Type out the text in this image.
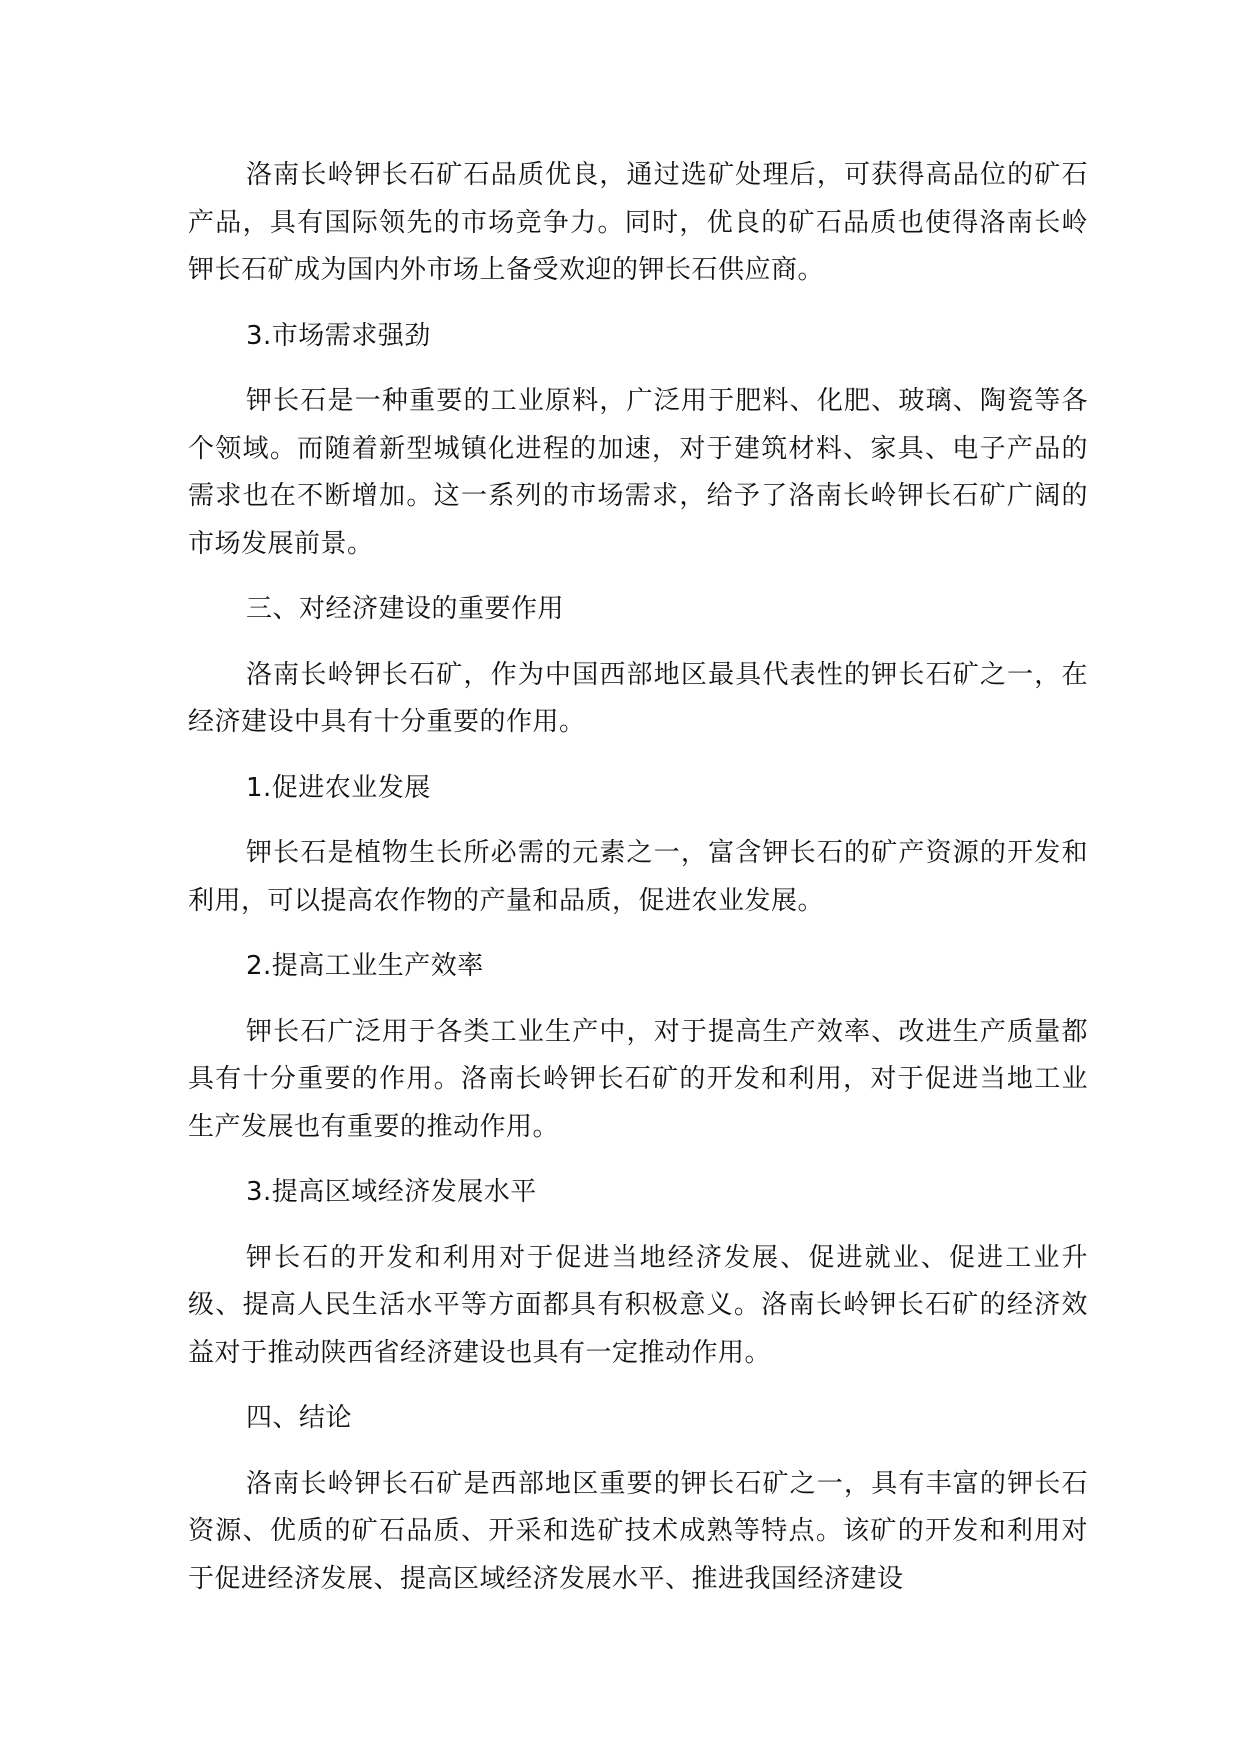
洛南长岭钾长石矿石品质优良，通过选矿处理后，可获得高品位的矿石产品，具有国际领先的市场竞争力。同时，优良的矿石品质也使得洛南长岭钾长石矿成为国内外市场上备受欢迎的钾长石供应商。

3.市场需求强劲

钾长石是一种重要的工业原料，广泛用于肥料、化肥、玻璃、陶瓷等各个领域。而随着新型城镇化进程的加速，对于建筑材料、家具、电子产品的需求也在不断增加。这一系列的市场需求，给予了洛南长岭钾长石矿广阔的市场发展前景。

三、对经济建设的重要作用

洛南长岭钾长石矿，作为中国西部地区最具代表性的钾长石矿之一，在经济建设中具有十分重要的作用。

1.促进农业发展

钾长石是植物生长所必需的元素之一，富含钾长石的矿产资源的开发和利用，可以提高农作物的产量和品质，促进农业发展。

2.提高工业生产效率

钾长石广泛用于各类工业生产中，对于提高生产效率、改进生产质量都具有十分重要的作用。洛南长岭钾长石矿的开发和利用，对于促进当地工业生产发展也有重要的推动作用。

3.提高区域经济发展水平

钾长石的开发和利用对于促进当地经济发展、促进就业、促进工业升级、提高人民生活水平等方面都具有积极意义。洛南长岭钾长石矿的经济效益对于推动陕西省经济建设也具有一定推动作用。

四、结论

洛南长岭钾长石矿是西部地区重要的钾长石矿之一，具有丰富的钾长石资源、优质的矿石品质、开采和选矿技术成熟等特点。该矿的开发和利用对于促进经济发展、提高区域经济发展水平、推进我国经济建设
